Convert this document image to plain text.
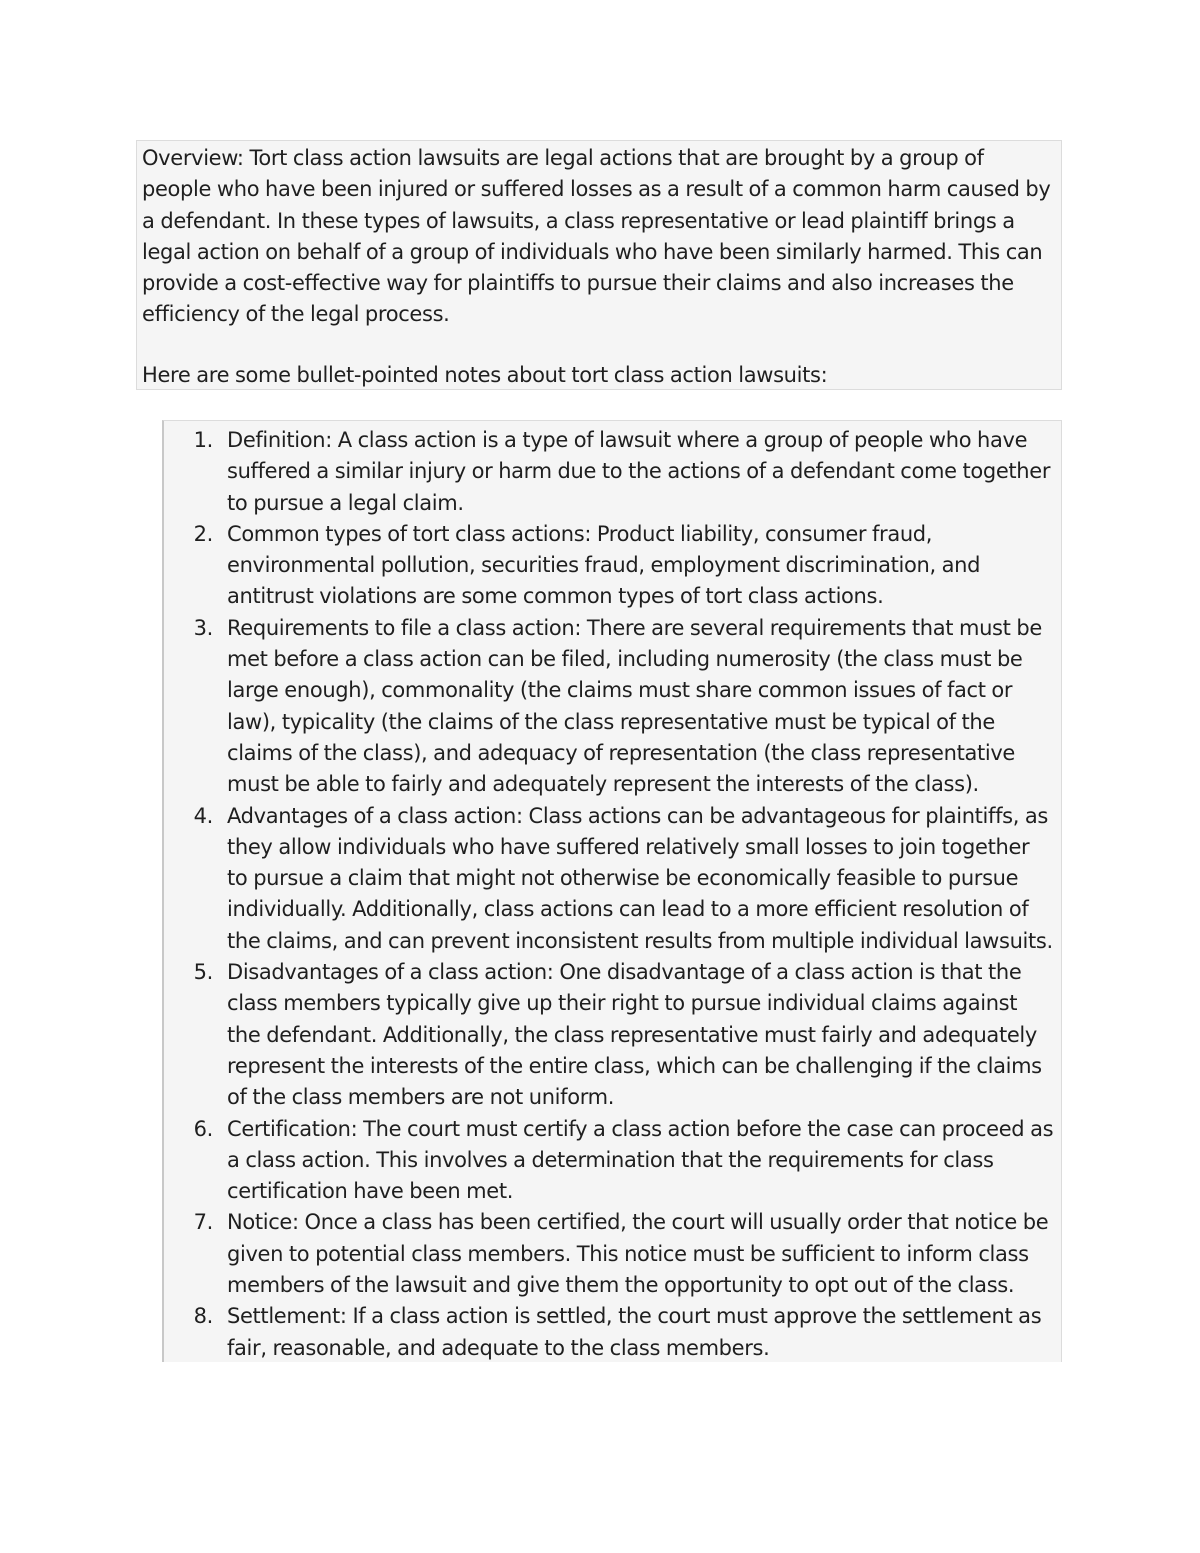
Overview: Tort class action lawsuits are legal actions that are brought by a group of people who have been injured or suffered losses as a result of a common harm caused by a defendant. In these types of lawsuits, a class representative or lead plaintiff brings a legal action on behalf of a group of individuals who have been similarly harmed. This can provide a cost-effective way for plaintiffs to pursue their claims and also increases the efficiency of the legal process.

Here are some bullet-pointed notes about tort class action lawsuits:

1. Definition: A class action is a type of lawsuit where a group of people who have suffered a similar injury or harm due to the actions of a defendant come together to pursue a legal claim.
2. Common types of tort class actions: Product liability, consumer fraud, environmental pollution, securities fraud, employment discrimination, and antitrust violations are some common types of tort class actions.
3. Requirements to file a class action: There are several requirements that must be met before a class action can be filed, including numerosity (the class must be large enough), commonality (the claims must share common issues of fact or law), typicality (the claims of the class representative must be typical of the claims of the class), and adequacy of representation (the class representative must be able to fairly and adequately represent the interests of the class).
4. Advantages of a class action: Class actions can be advantageous for plaintiffs, as they allow individuals who have suffered relatively small losses to join together to pursue a claim that might not otherwise be economically feasible to pursue individually. Additionally, class actions can lead to a more efficient resolution of the claims, and can prevent inconsistent results from multiple individual lawsuits.
5. Disadvantages of a class action: One disadvantage of a class action is that the class members typically give up their right to pursue individual claims against the defendant. Additionally, the class representative must fairly and adequately represent the interests of the entire class, which can be challenging if the claims of the class members are not uniform.
6. Certification: The court must certify a class action before the case can proceed as a class action. This involves a determination that the requirements for class certification have been met.
7. Notice: Once a class has been certified, the court will usually order that notice be given to potential class members. This notice must be sufficient to inform class members of the lawsuit and give them the opportunity to opt out of the class.
8. Settlement: If a class action is settled, the court must approve the settlement as fair, reasonable, and adequate to the class members.
